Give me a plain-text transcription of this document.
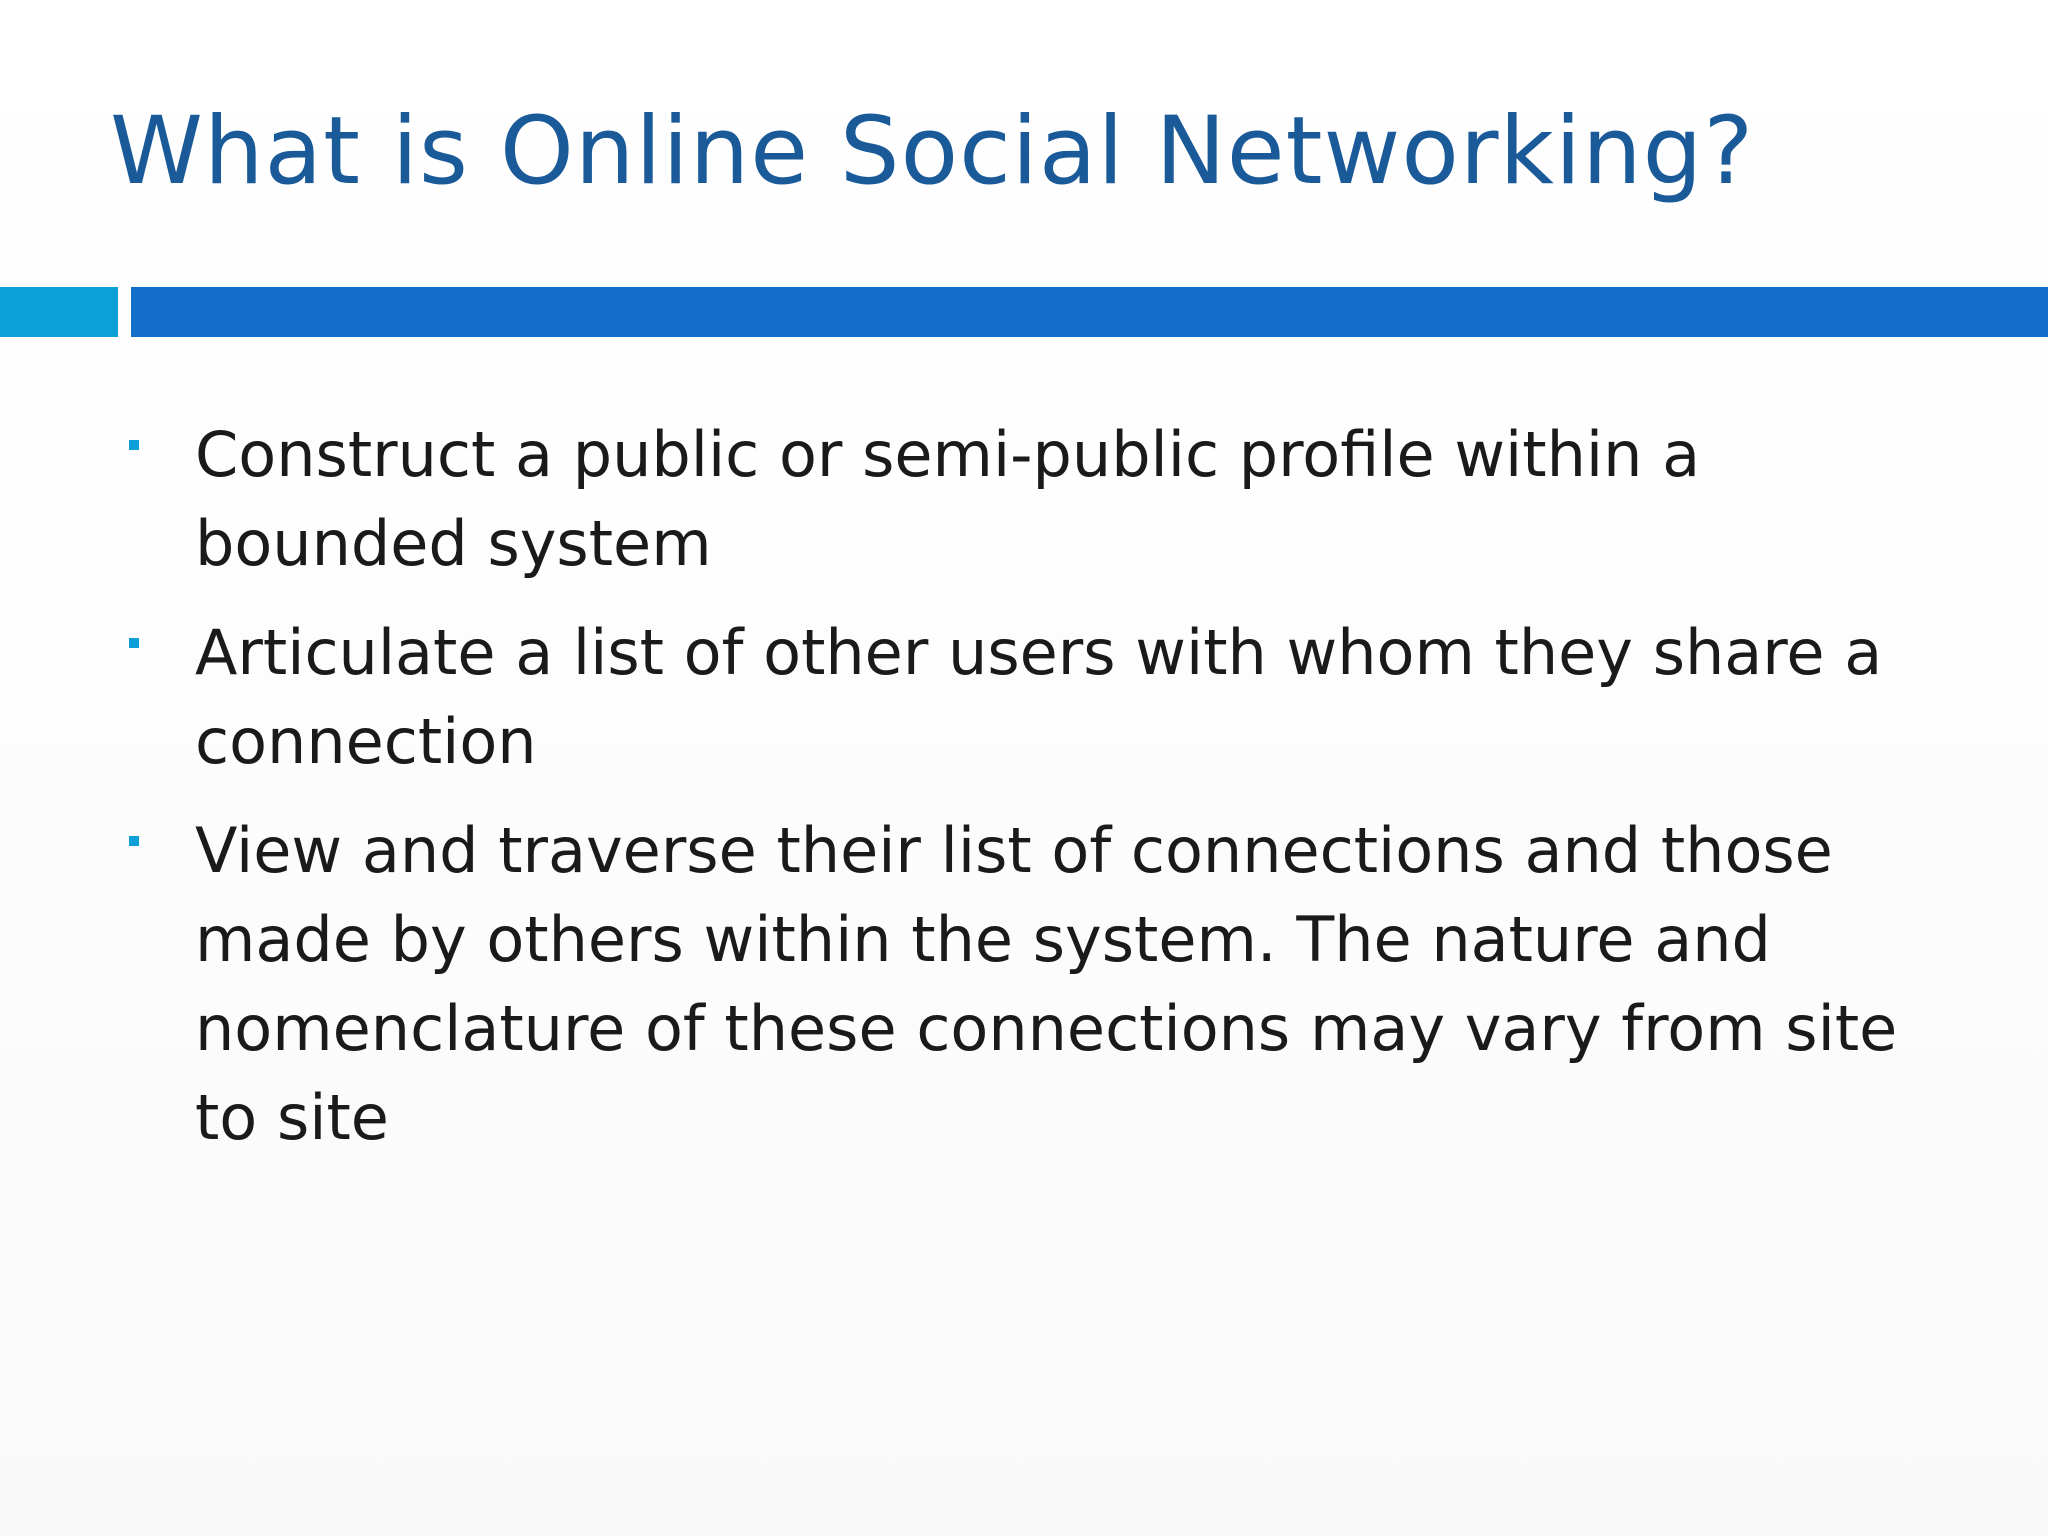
What is Online Social Networking?
Construct a public or semi-public profile within a bounded system
Articulate a list of other users with whom they share a connection
View and traverse their list of connections and those made by others within the system. The nature and nomenclature of these connections may vary from site to site
